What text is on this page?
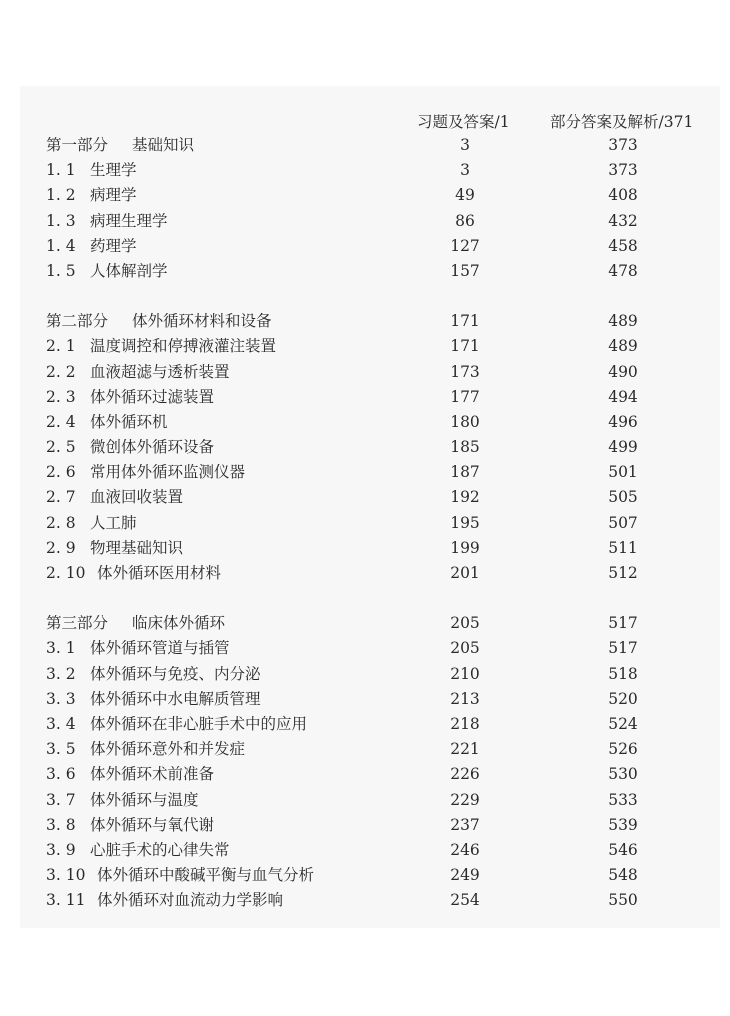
习题及答案/1	部分答案及解析/371
第一部分 基础知识	3	373
1. 1 生理学	3	373
1. 2 病理学	49	408
1. 3 病理生理学	86	432
1. 4 药理学	127	458
1. 5 人体解剖学	157	478
第二部分 体外循环材料和设备	171	489
2. 1 温度调控和停搏液灌注装置	171	489
2. 2 血液超滤与透析装置	173	490
2. 3 体外循环过滤装置	177	494
2. 4 体外循环机	180	496
2. 5 微创体外循环设备	185	499
2. 6 常用体外循环监测仪器	187	501
2. 7 血液回收装置	192	505
2. 8 人工肺	195	507
2. 9 物理基础知识	199	511
2. 10 体外循环医用材料	201	512
第三部分 临床体外循环	205	517
3. 1 体外循环管道与插管	205	517
3. 2 体外循环与免疫、内分泌	210	518
3. 3 体外循环中水电解质管理	213	520
3. 4 体外循环在非心脏手术中的应用	218	524
3. 5 体外循环意外和并发症	221	526
3. 6 体外循环术前准备	226	530
3. 7 体外循环与温度	229	533
3. 8 体外循环与氧代谢	237	539
3. 9 心脏手术的心律失常	246	546
3. 10 体外循环中酸碱平衡与血气分析	249	548
3. 11 体外循环对血流动力学影响	254	550
